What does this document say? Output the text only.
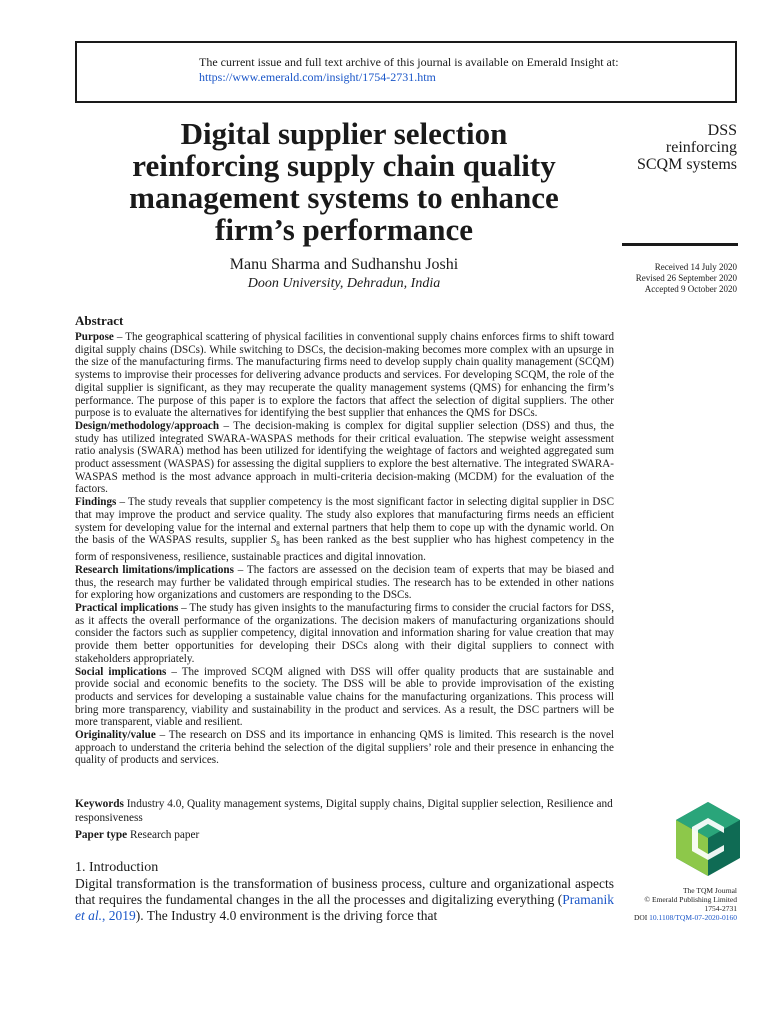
The current issue and full text archive of this journal is available on Emerald Insight at:
https://www.emerald.com/insight/1754-2731.htm
Digital supplier selection
reinforcing supply chain quality
management systems to enhance
firm’s performance
DSS
reinforcing
SCQM systems
Received 14 July 2020
Revised 26 September 2020
Accepted 9 October 2020
Manu Sharma and Sudhanshu Joshi
Doon University, Dehradun, India
Abstract

Purpose – The geographical scattering of physical facilities in conventional supply chains enforces firms to shift toward digital supply chains (DSCs). While switching to DSCs, the decision-making becomes more complex with an upsurge in the size of the manufacturing firms. The manufacturing firms need to develop supply chain quality management (SCQM) systems to improvise their processes for delivering advance products and services. For developing SCQM, the role of the digital supplier is significant, as they may recuperate the quality management systems (QMS) for enhancing the firm’s performance. The purpose of this paper is to explore the factors that affect the selection of digital suppliers. The other purpose is to evaluate the alternatives for identifying the best supplier that enhances the QMS for DSCs.

Design/methodology/approach – The decision-making is complex for digital supplier selection (DSS) and thus, the study has utilized integrated SWARA-WASPAS methods for their critical evaluation. The stepwise weight assessment ratio analysis (SWARA) method has been utilized for identifying the weightage of factors and weighted aggregated sum product assessment (WASPAS) for assessing the digital suppliers to explore the best alternative. The integrated SWARA-WASPAS method is the most advance approach in multi-criteria decision-making (MCDM) for the evaluation of the factors.

Findings – The study reveals that supplier competency is the most significant factor in selecting digital supplier in DSC that may improve the product and service quality. The study also explores that manufacturing firms needs an efficient system for developing value for the internal and external partners that help them to cope up with the dynamic world. On the basis of the WASPAS results, supplier $S_8$ has been ranked as the best supplier who has highest competency in the form of responsiveness, resilience, sustainable practices and digital innovation.

Research limitations/implications – The factors are assessed on the decision team of experts that may be biased and thus, the research may further be validated through empirical studies. The research has to be extended in other nations for exploring how organizations and customers are responding to the DSCs.

Practical implications – The study has given insights to the manufacturing firms to consider the crucial factors for DSS, as it affects the overall performance of the organizations. The decision makers of manufacturing organizations should consider the factors such as supplier competency, digital innovation and information sharing for value creation that may provide them better opportunities for developing their DSCs along with their digital suppliers to connect with stakeholders appropriately.

Social implications – The improved SCQM aligned with DSS will offer quality products that are sustainable and provide social and economic benefits to the society. The DSS will be able to provide improvisation of the existing products and services for developing a sustainable value chains for the manufacturing organizations. This process will bring more transparency, viability and sustainability in the product and services. As a result, the DSC partners will be more transparent, viable and resilient.

Originality/value – The research on DSS and its importance in enhancing QMS is limited. This research is the novel approach to understand the criteria behind the selection of the digital suppliers’ role and their presence in enhancing the quality of products and services.

Keywords Industry 4.0, Quality management systems, Digital supply chains, Digital supplier selection, Resilience and responsiveness

Paper type Research paper
1. Introduction
Digital transformation is the transformation of business process, culture and organizational aspects that requires the fundamental changes in the all the processes and digitalizing everything (Pramanik et al., 2019). The Industry 4.0 environment is the driving force that
The TQM Journal
© Emerald Publishing Limited
1754-2731
DOI 10.1108/TQM-07-2020-0160
